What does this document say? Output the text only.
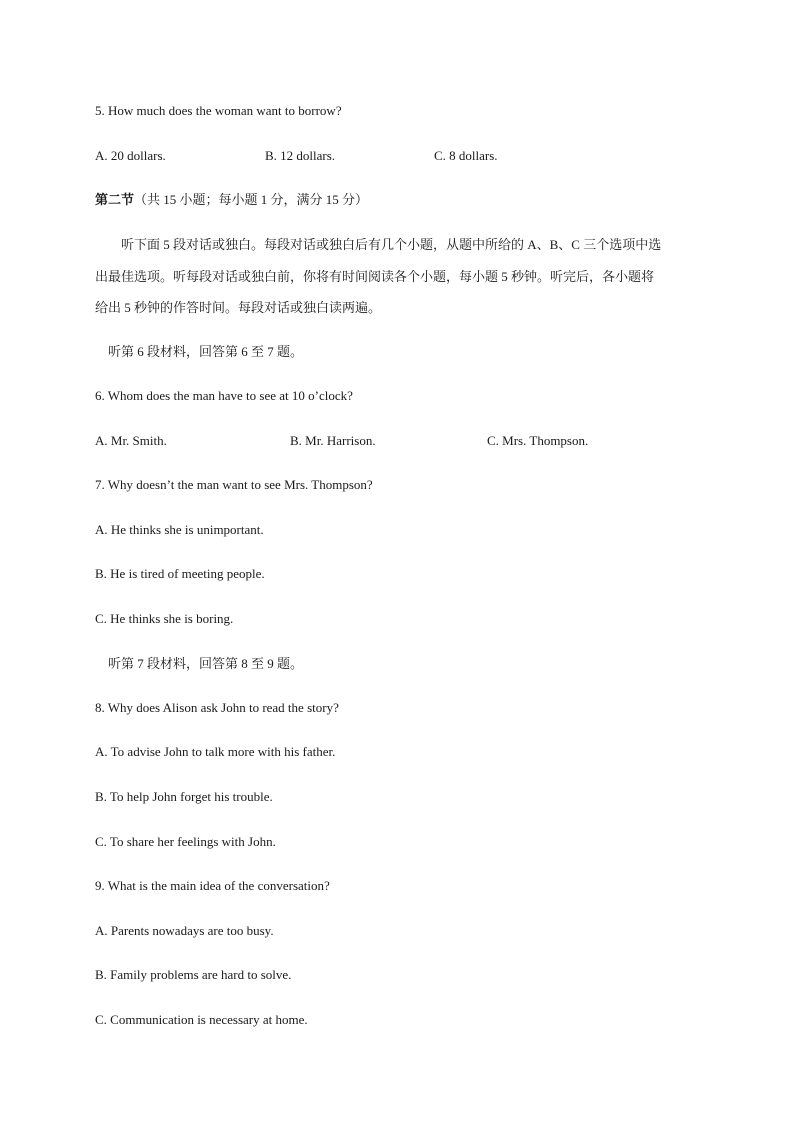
5. How much does the woman want to borrow?
A. 20 dollars.	B. 12 dollars.	C. 8 dollars.
第二节（共 15 小题；每小题 1 分，满分 15 分）
听下面 5 段对话或独白。每段对话或独白后有几个小题，从题中所给的 A、B、C 三个选项中选
出最佳选项。听每段对话或独白前，你将有时间阅读各个小题，每小题 5 秒钟。听完后，各小题将
给出 5 秒钟的作答时间。每段对话或独白读两遍。
听第 6 段材料，回答第 6 至 7 题。
6. Whom does the man have to see at 10 o’clock?
A. Mr. Smith.	B. Mr. Harrison.	C. Mrs. Thompson.
7. Why doesn’t the man want to see Mrs. Thompson?
A. He thinks she is unimportant.
B. He is tired of meeting people.
C. He thinks she is boring.
听第 7 段材料，回答第 8 至 9 题。
8. Why does Alison ask John to read the story?
A. To advise John to talk more with his father.
B. To help John forget his trouble.
C. To share her feelings with John.
9. What is the main idea of the conversation?
A. Parents nowadays are too busy.
B. Family problems are hard to solve.
C. Communication is necessary at home.
